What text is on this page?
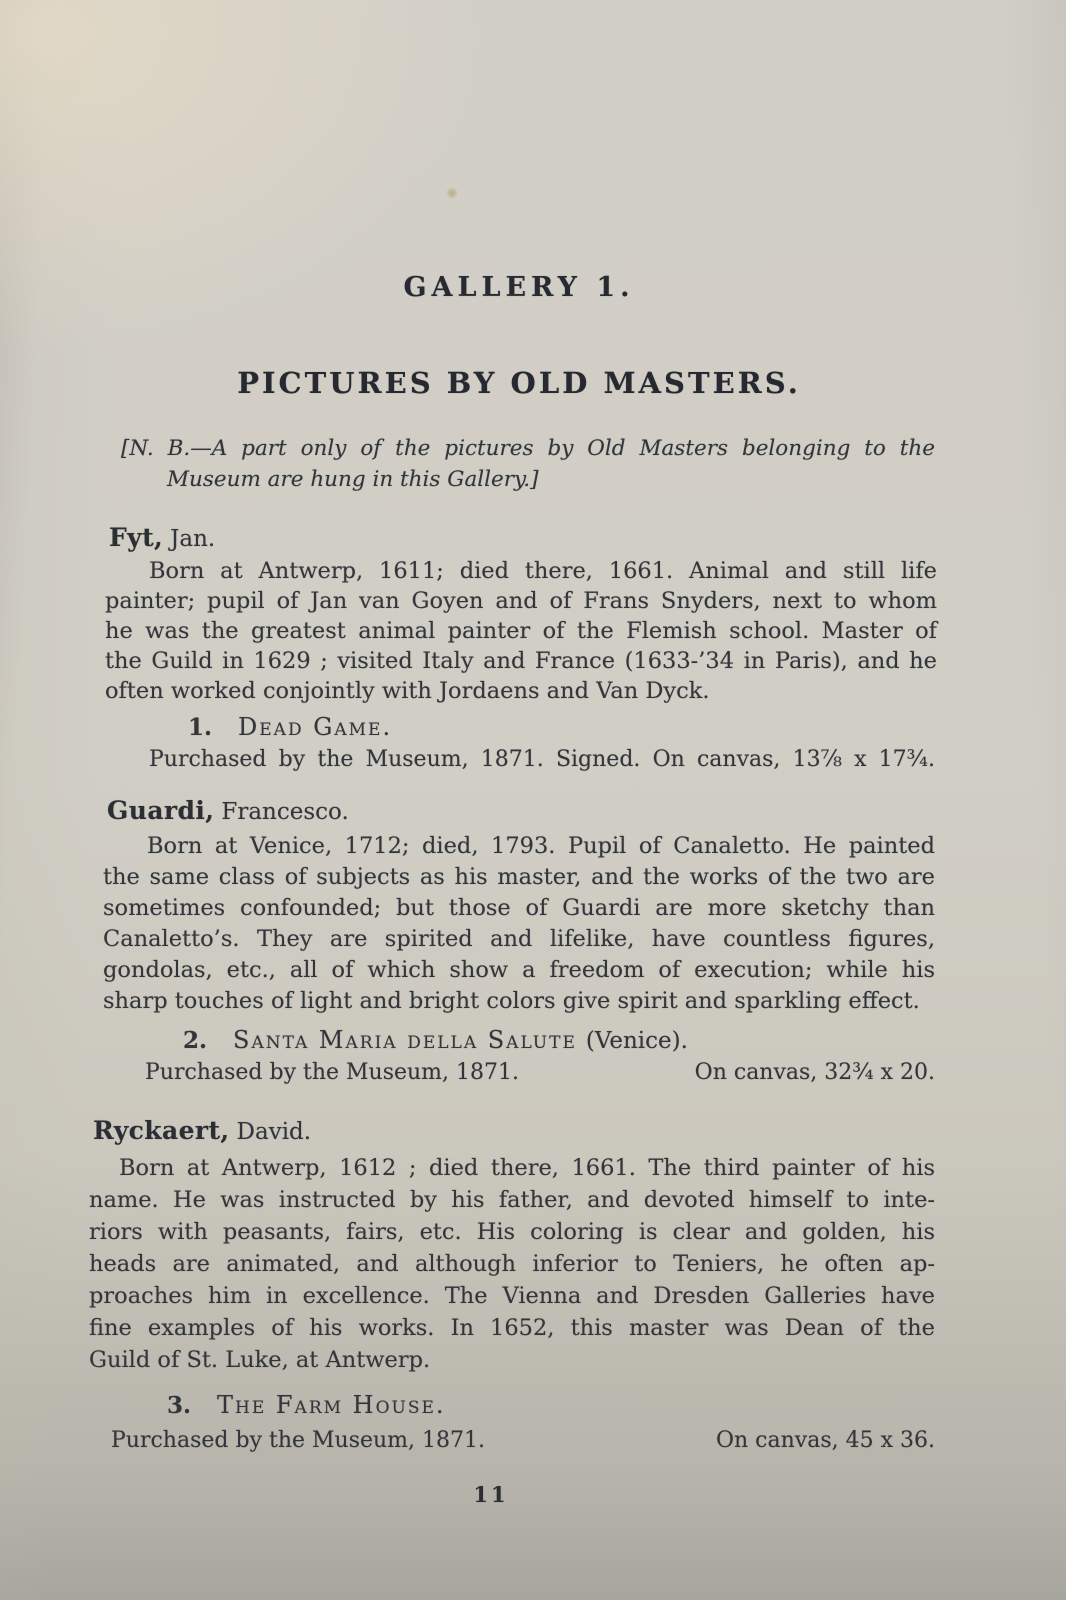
GALLERY 1.
PICTURES BY OLD MASTERS.
[N. B.—A part only of the pictures by Old Masters belonging to the
Museum are hung in this Gallery.]
Fyt, Jan.
Born at Antwerp, 1611; died there, 1661. Animal and still life
painter; pupil of Jan van Goyen and of Frans Snyders, next to whom
he was the greatest animal painter of the Flemish school. Master of
the Guild in 1629 ; visited Italy and France (1633-’34 in Paris), and he
often worked conjointly with Jordaens and Van Dyck.
1. Dead Game.
Purchased by the Museum, 1871. Signed. On canvas, 13⅞ x 17¾.
Guardi, Francesco.
Born at Venice, 1712; died, 1793. Pupil of Canaletto. He painted
the same class of subjects as his master, and the works of the two are
sometimes confounded; but those of Guardi are more sketchy than
Canaletto’s. They are spirited and lifelike, have countless figures,
gondolas, etc., all of which show a freedom of execution; while his
sharp touches of light and bright colors give spirit and sparkling effect.
2. Santa Maria della Salute (Venice).
Purchased by the Museum, 1871.	On canvas, 32¾ x 20.
Ryckaert, David.
Born at Antwerp, 1612 ; died there, 1661. The third painter of his
name. He was instructed by his father, and devoted himself to inte-
riors with peasants, fairs, etc. His coloring is clear and golden, his
heads are animated, and although inferior to Teniers, he often ap-
proaches him in excellence. The Vienna and Dresden Galleries have
fine examples of his works. In 1652, this master was Dean of the
Guild of St. Luke, at Antwerp.
3. The Farm House.
Purchased by the Museum, 1871.	On canvas, 45 x 36.
11
